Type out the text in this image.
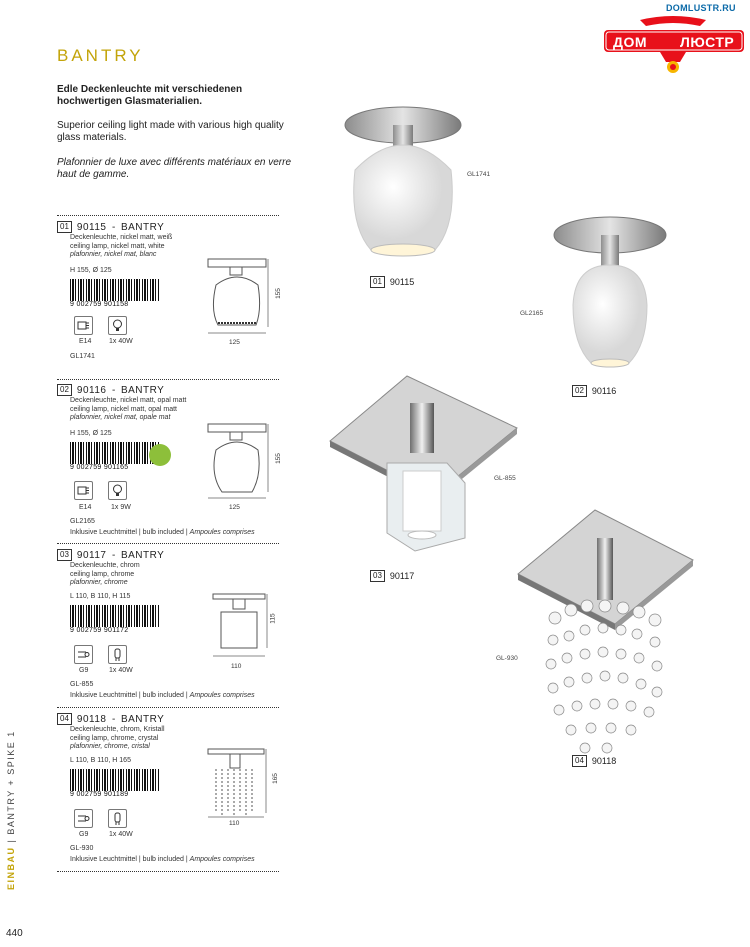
DOMLUSTR.RU
ДОМ ЛЮСТР
BANTRY
Edle Deckenleuchte mit verschiedenen hochwertigen Glasmaterialien.
Superior ceiling light made with various high quality glass materials.
Plafonnier de luxe avec différents matériaux en verre haut de gamme.
EINBAU | BANTRY + SPIKE 1
440
01 90115 - BANTRY
Deckenleuchte, nickel matt, weiß
ceiling lamp, nickel matt, white
plafonnier, nickel mat, blanc
H 155, Ø 125
9 002759 901158
E14	1x 40W
GL1741
155
125
02 90116 - BANTRY
Deckenleuchte, nickel matt, opal matt
ceiling lamp, nickel matt, opal matt
plafonnier, nickel mat, opale mat
H 155, Ø 125
9 002759 901165
E14	1x 9W
GL2165
Inklusive Leuchtmittel | bulb included | Ampoules comprises
155
125
03 90117 - BANTRY
Deckenleuchte, chrom
ceiling lamp, chrome
plafonnier, chrome
L 110, B 110, H 115
9 002759 901172
G9	1x 40W
GL-855
Inklusive Leuchtmittel | bulb included | Ampoules comprises
115
110
04 90118 - BANTRY
Deckenleuchte, chrom, Kristall
ceiling lamp, chrome, crystal
plafonnier, chrome, cristal
L 110, B 110, H 165
9 002759 901189
G9	1x 40W
GL-930
Inklusive Leuchtmittel | bulb included | Ampoules comprises
165
110
GL1741
01 90115
GL2165
02 90116
GL-855
03 90117
GL-930
04 90118
